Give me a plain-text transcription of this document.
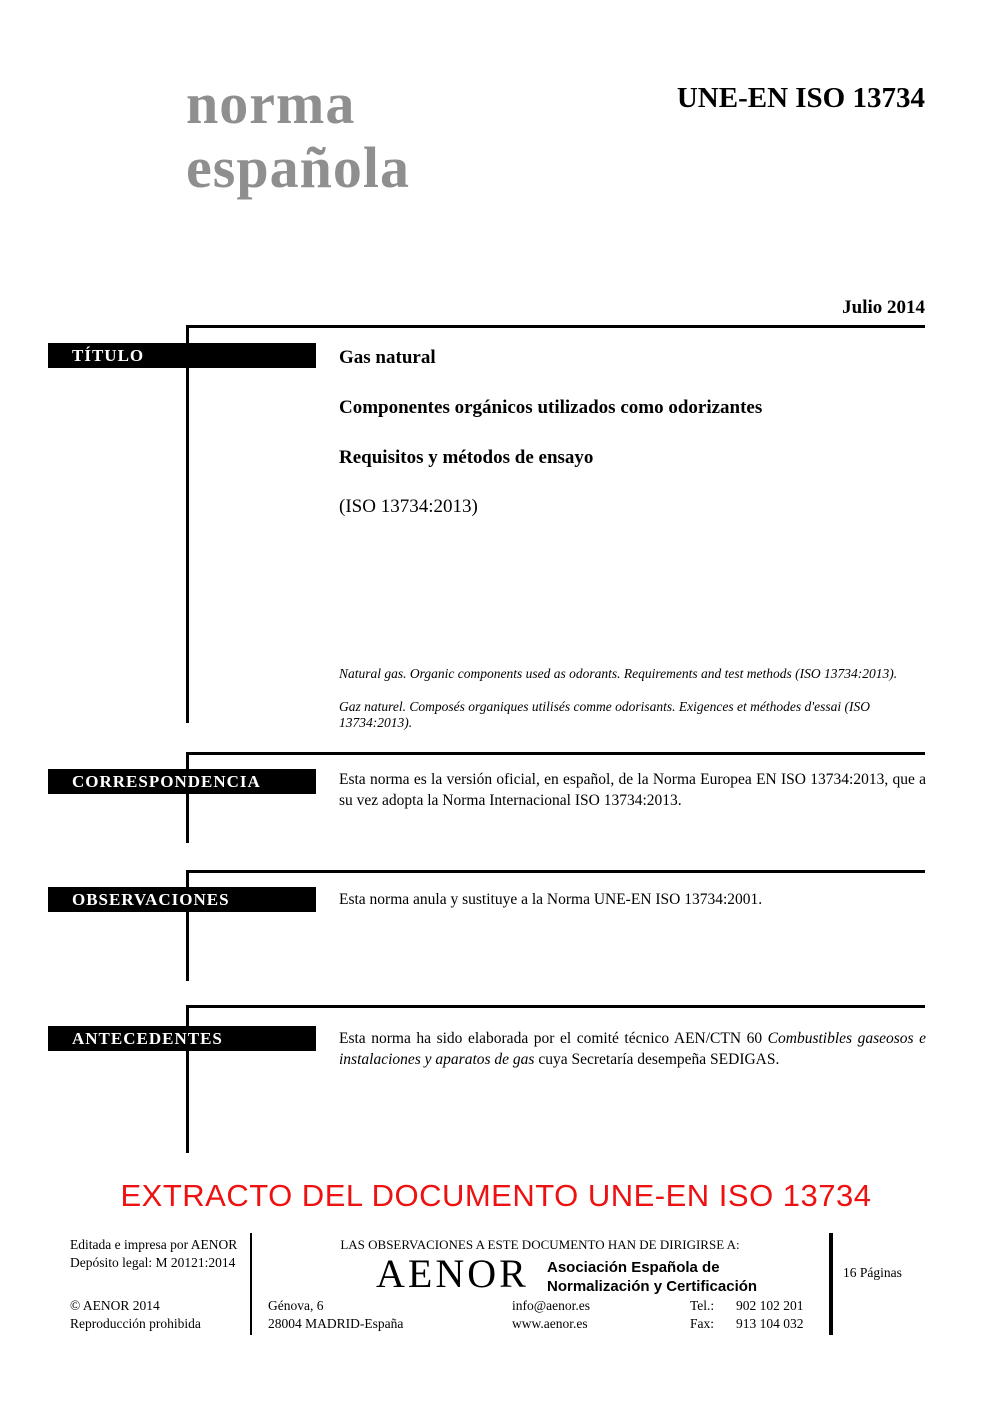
norma
española
UNE-EN ISO 13734
Julio 2014
TÍTULO
CORRESPONDENCIA
OBSERVACIONES
ANTECEDENTES
Gas natural
Componentes orgánicos utilizados como odorizantes
Requisitos y métodos de ensayo
(ISO 13734:2013)
Natural gas. Organic components used as odorants. Requirements and test methods (ISO 13734:2013).
Gaz naturel. Composés organiques utilisés comme odorisants. Exigences et méthodes d'essai (ISO 13734:2013).
Esta norma es la versión oficial, en español, de la Norma Europea EN ISO 13734:2013, que a su vez adopta la Norma Internacional ISO 13734:2013.
Esta norma anula y sustituye a la Norma UNE-EN ISO 13734:2001.
Esta norma ha sido elaborada por el comité técnico AEN/CTN 60 Combustibles gaseosos e instalaciones y aparatos de gas cuya Secretaría desempeña SEDIGAS.
EXTRACTO DEL DOCUMENTO UNE-EN ISO 13734
Editada e impresa por AENOR
Depósito legal: M 20121:2014
© AENOR 2014
Reproducción prohibida
LAS OBSERVACIONES A ESTE DOCUMENTO HAN DE DIRIGIRSE A:
AENOR Asociación Española de
Normalización y Certificación
Génova, 6
28004 MADRID-España
info@aenor.es
www.aenor.es
Tel.:	902 102 201
Fax:	913 104 032
16 Páginas
